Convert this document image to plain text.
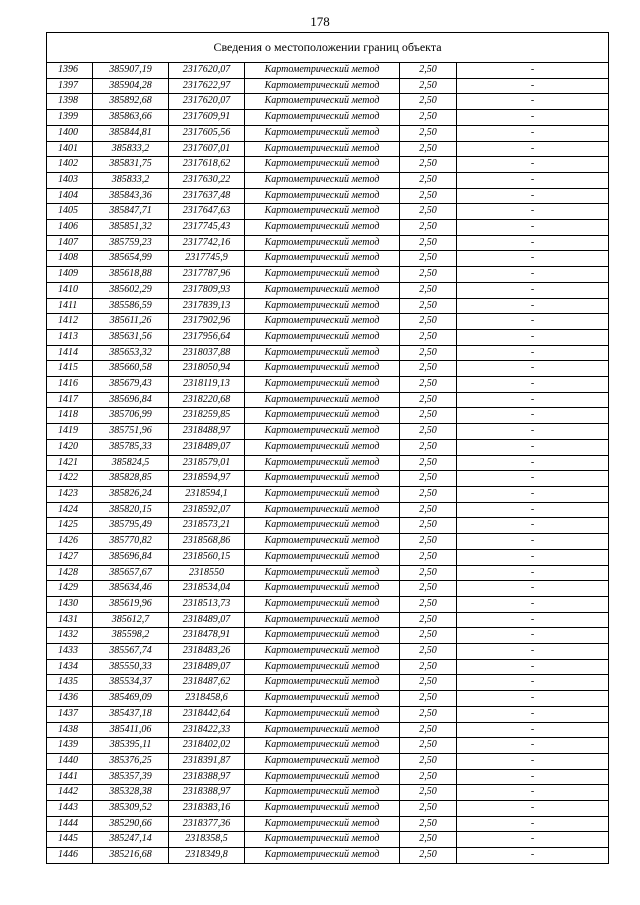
178
Сведения о местоположении границ объекта					
1396	385907,19	2317620,07	Картометрический метод	2,50	-
1397	385904,28	2317622,97	Картометрический метод	2,50	-
1398	385892,68	2317620,07	Картометрический метод	2,50	-
1399	385863,66	2317609,91	Картометрический метод	2,50	-
1400	385844,81	2317605,56	Картометрический метод	2,50	-
1401	385833,2	2317607,01	Картометрический метод	2,50	-
1402	385831,75	2317618,62	Картометрический метод	2,50	-
1403	385833,2	2317630,22	Картометрический метод	2,50	-
1404	385843,36	2317637,48	Картометрический метод	2,50	-
1405	385847,71	2317647,63	Картометрический метод	2,50	-
1406	385851,32	2317745,43	Картометрический метод	2,50	-
1407	385759,23	2317742,16	Картометрический метод	2,50	-
1408	385654,99	2317745,9	Картометрический метод	2,50	-
1409	385618,88	2317787,96	Картометрический метод	2,50	-
1410	385602,29	2317809,93	Картометрический метод	2,50	-
1411	385586,59	2317839,13	Картометрический метод	2,50	-
1412	385611,26	2317902,96	Картометрический метод	2,50	-
1413	385631,56	2317956,64	Картометрический метод	2,50	-
1414	385653,32	2318037,88	Картометрический метод	2,50	-
1415	385660,58	2318050,94	Картометрический метод	2,50	-
1416	385679,43	2318119,13	Картометрический метод	2,50	-
1417	385696,84	2318220,68	Картометрический метод	2,50	-
1418	385706,99	2318259,85	Картометрический метод	2,50	-
1419	385751,96	2318488,97	Картометрический метод	2,50	-
1420	385785,33	2318489,07	Картометрический метод	2,50	-
1421	385824,5	2318579,01	Картометрический метод	2,50	-
1422	385828,85	2318594,97	Картометрический метод	2,50	-
1423	385826,24	2318594,1	Картометрический метод	2,50	-
1424	385820,15	2318592,07	Картометрический метод	2,50	-
1425	385795,49	2318573,21	Картометрический метод	2,50	-
1426	385770,82	2318568,86	Картометрический метод	2,50	-
1427	385696,84	2318560,15	Картометрический метод	2,50	-
1428	385657,67	2318550	Картометрический метод	2,50	-
1429	385634,46	2318534,04	Картометрический метод	2,50	-
1430	385619,96	2318513,73	Картометрический метод	2,50	-
1431	385612,7	2318489,07	Картометрический метод	2,50	-
1432	385598,2	2318478,91	Картометрический метод	2,50	-
1433	385567,74	2318483,26	Картометрический метод	2,50	-
1434	385550,33	2318489,07	Картометрический метод	2,50	-
1435	385534,37	2318487,62	Картометрический метод	2,50	-
1436	385469,09	2318458,6	Картометрический метод	2,50	-
1437	385437,18	2318442,64	Картометрический метод	2,50	-
1438	385411,06	2318422,33	Картометрический метод	2,50	-
1439	385395,11	2318402,02	Картометрический метод	2,50	-
1440	385376,25	2318391,87	Картометрический метод	2,50	-
1441	385357,39	2318388,97	Картометрический метод	2,50	-
1442	385328,38	2318388,97	Картометрический метод	2,50	-
1443	385309,52	2318383,16	Картометрический метод	2,50	-
1444	385290,66	2318377,36	Картометрический метод	2,50	-
1445	385247,14	2318358,5	Картометрический метод	2,50	-
1446	385216,68	2318349,8	Картометрический метод	2,50	-
